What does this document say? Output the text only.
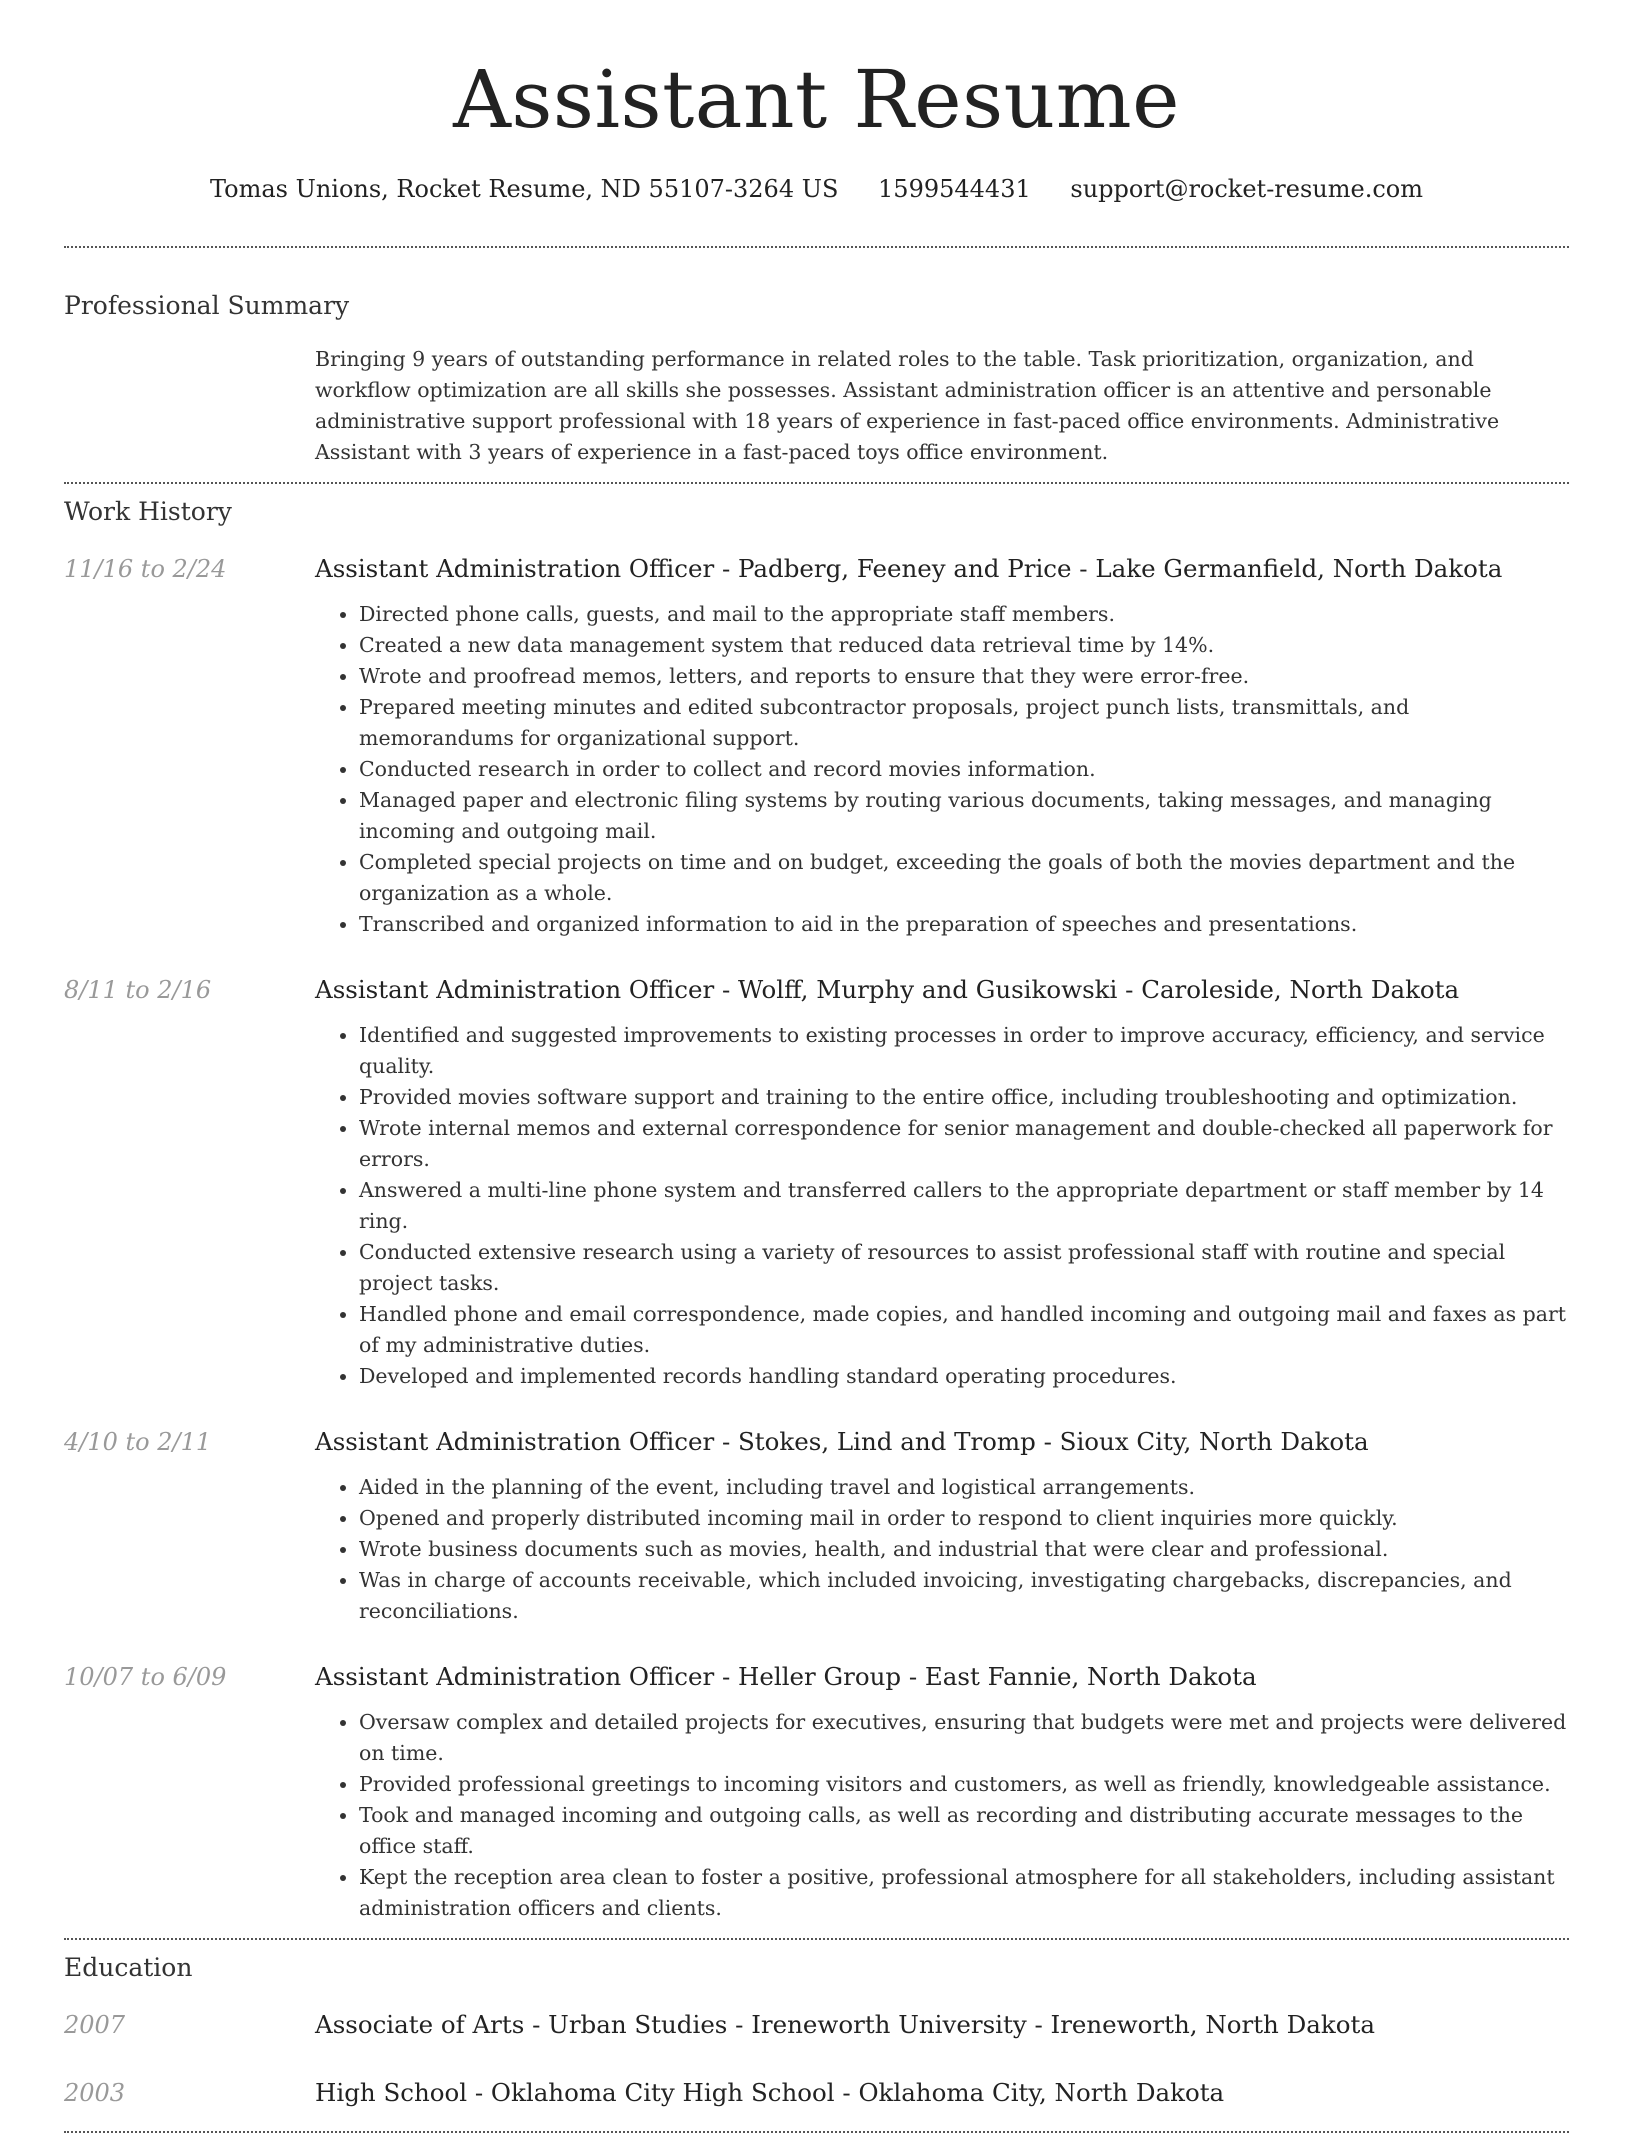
Assistant Resume
Tomas Unions, Rocket Resume, ND 55107-3264 US 1599544431 support@rocket-resume.com
Professional Summary
Bringing 9 years of outstanding performance in related roles to the table. Task prioritization, organization, and workflow optimization are all skills she possesses. Assistant administration officer is an attentive and personable administrative support professional with 18 years of experience in fast-paced office environments. Administrative Assistant with 3 years of experience in a fast-paced toys office environment.
Work History
11/16 to 2/24	Assistant Administration Officer - Padberg, Feeney and Price - Lake Germanfield, North Dakota
• Directed phone calls, guests, and mail to the appropriate staff members.
• Created a new data management system that reduced data retrieval time by 14%.
• Wrote and proofread memos, letters, and reports to ensure that they were error-free.
• Prepared meeting minutes and edited subcontractor proposals, project punch lists, transmittals, and memorandums for organizational support.
• Conducted research in order to collect and record movies information.
• Managed paper and electronic filing systems by routing various documents, taking messages, and managing incoming and outgoing mail.
• Completed special projects on time and on budget, exceeding the goals of both the movies department and the organization as a whole.
• Transcribed and organized information to aid in the preparation of speeches and presentations.
8/11 to 2/16	Assistant Administration Officer - Wolff, Murphy and Gusikowski - Caroleside, North Dakota
• Identified and suggested improvements to existing processes in order to improve accuracy, efficiency, and service quality.
• Provided movies software support and training to the entire office, including troubleshooting and optimization.
• Wrote internal memos and external correspondence for senior management and double-checked all paperwork for errors.
• Answered a multi-line phone system and transferred callers to the appropriate department or staff member by 14 ring.
• Conducted extensive research using a variety of resources to assist professional staff with routine and special project tasks.
• Handled phone and email correspondence, made copies, and handled incoming and outgoing mail and faxes as part of my administrative duties.
• Developed and implemented records handling standard operating procedures.
4/10 to 2/11	Assistant Administration Officer - Stokes, Lind and Tromp - Sioux City, North Dakota
• Aided in the planning of the event, including travel and logistical arrangements.
• Opened and properly distributed incoming mail in order to respond to client inquiries more quickly.
• Wrote business documents such as movies, health, and industrial that were clear and professional.
• Was in charge of accounts receivable, which included invoicing, investigating chargebacks, discrepancies, and reconciliations.
10/07 to 6/09	Assistant Administration Officer - Heller Group - East Fannie, North Dakota
• Oversaw complex and detailed projects for executives, ensuring that budgets were met and projects were delivered on time.
• Provided professional greetings to incoming visitors and customers, as well as friendly, knowledgeable assistance.
• Took and managed incoming and outgoing calls, as well as recording and distributing accurate messages to the office staff.
• Kept the reception area clean to foster a positive, professional atmosphere for all stakeholders, including assistant administration officers and clients.
Education
2007	Associate of Arts - Urban Studies - Ireneworth University - Ireneworth, North Dakota
2003	High School - Oklahoma City High School - Oklahoma City, North Dakota
